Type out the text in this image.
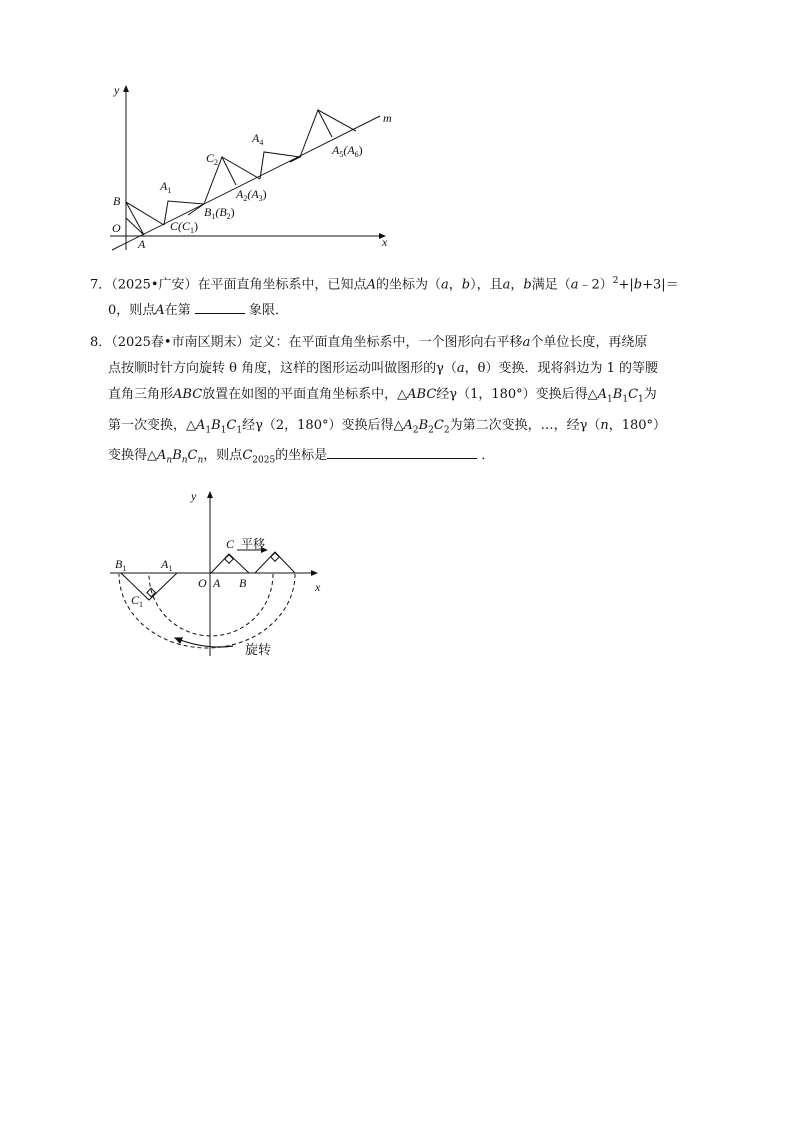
y
m
x
O
A
B
$A_1$
$C(C_1)$
$C_2$
$B_1(B_2)$
$A_2(A_3)$
$A_4$
$A_5(A_6)$
7．（2025•广安）在平面直角坐标系中，已知点A的坐标为（a，b），且a，b满足（a﹣2）$^2$+|b+3|＝
0，则点A在第	象限．
8．（2025春•市南区期末）定义：在平面直角坐标系中，一个图形向右平移a个单位长度，再绕原
点按顺时针方向旋转 θ 角度，这样的图形运动叫做图形的γ（a，θ）变换．现将斜边为 1 的等腰
直角三角形ABC放置在如图的平面直角坐标系中，△ABC经γ（1，180°）变换后得$\triangle A_1B_1C_1$为
第一次变换，$\triangle A_1B_1C_1$经γ（2，180°）变换后得$\triangle A_2B_2C_2$为第二次变换，…，经γ（n，180°）
变换得$\triangle A_nB_nC_n$，则点$C_{2025}$的坐标是	．
y
x
O A B
C 平移
$B_1$	$A_1$
$C_1$
旋转
